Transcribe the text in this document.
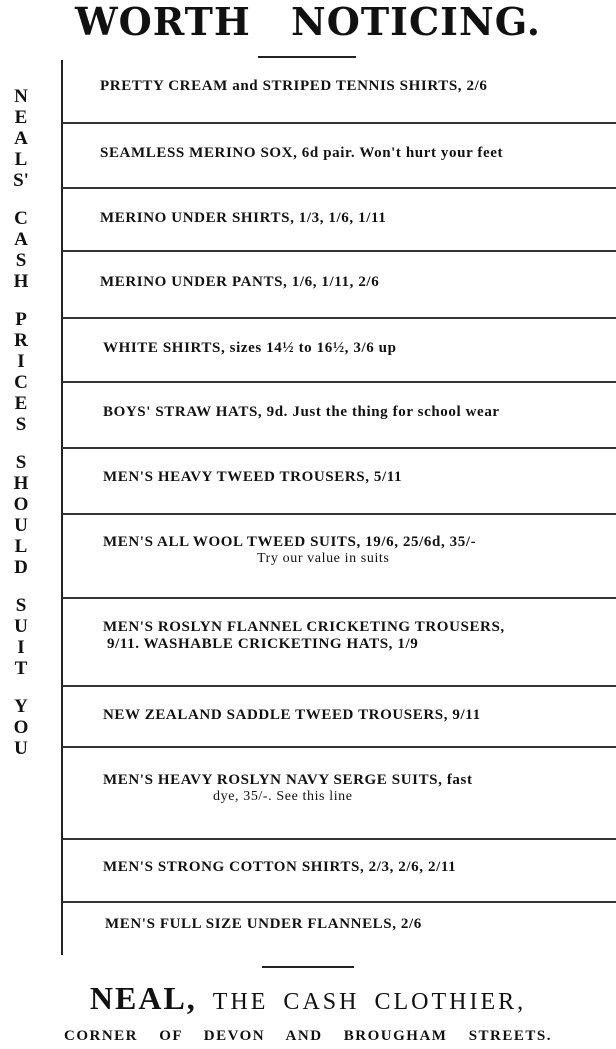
WORTH NOTICING.
N
E
A
L
S'

C
A
S
H

P
R
I
C
E
S

S
H
O
U
L
D

S
U
I
T

Y
O
U
PRETTY CREAM and STRIPED TENNIS SHIRTS, 2/6
SEAMLESS MERINO SOX, 6d pair. Won't hurt your feet
MERINO UNDER SHIRTS, 1/3, 1/6, 1/11
MERINO UNDER PANTS, 1/6, 1/11, 2/6
WHITE SHIRTS, sizes 14½ to 16½, 3/6 up
BOYS' STRAW HATS, 9d. Just the thing for school wear
MEN'S HEAVY TWEED TROUSERS, 5/11
MEN'S ALL WOOL TWEED SUITS, 19/6, 25/6d, 35/-
Try our value in suits
MEN'S ROSLYN FLANNEL CRICKETING TROUSERS,
9/11. WASHABLE CRICKETING HATS, 1/9
NEW ZEALAND SADDLE TWEED TROUSERS, 9/11
MEN'S HEAVY ROSLYN NAVY SERGE SUITS, fast
dye, 35/-. See this line
MEN'S STRONG COTTON SHIRTS, 2/3, 2/6, 2/11
MEN'S FULL SIZE UNDER FLANNELS, 2/6
NEAL, THE CASH CLOTHIER,
CORNER OF DEVON AND BROUGHAM STREETS.
